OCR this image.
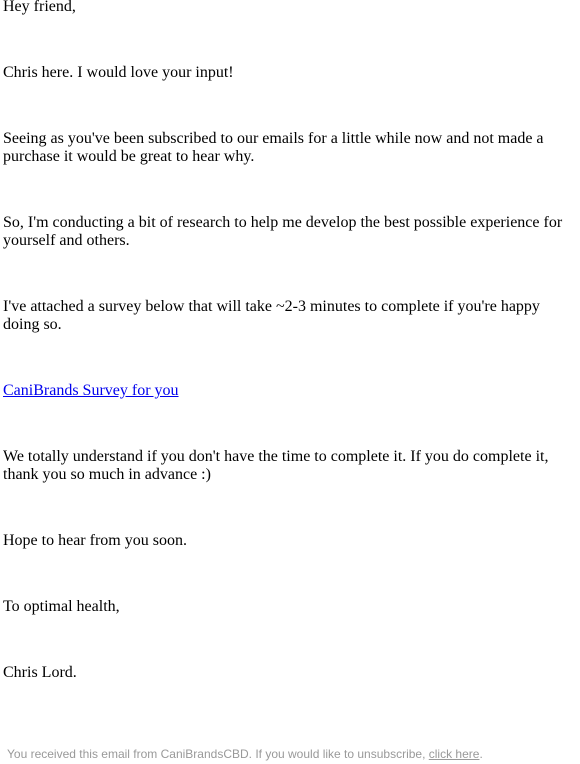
Hey friend,

Chris here. I would love your input!

Seeing as you've been subscribed to our emails for a little while now and not made a purchase it would be great to hear why.

So, I'm conducting a bit of research to help me develop the best possible experience for yourself and others.

I've attached a survey below that will take ~2-3 minutes to complete if you're happy doing so.

CaniBrands Survey for you

We totally understand if you don't have the time to complete it. If you do complete it, thank you so much in advance :)

Hope to hear from you soon.

To optimal health,

Chris Lord.

You received this email from CaniBrandsCBD. If you would like to unsubscribe, click here.
